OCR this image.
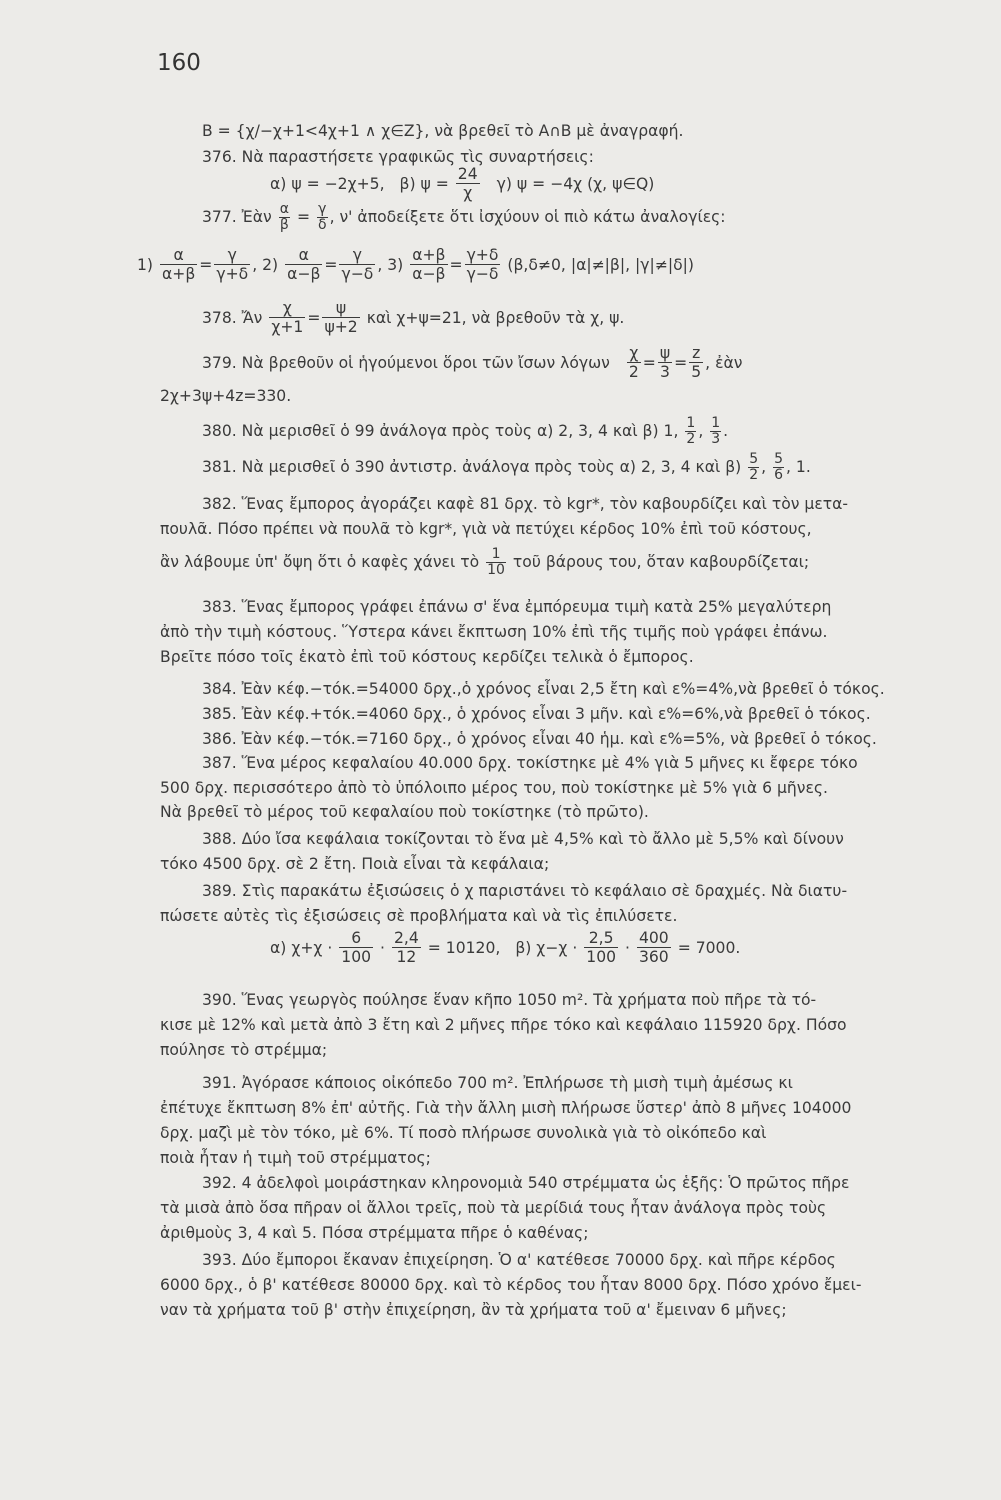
160
B = {χ/−χ+1<4χ+1 ∧ χ∈Z}, νὰ βρεθεῖ τὸ A∩B μὲ ἀναγραφή.
376. Νὰ παραστήσετε γραφικῶς τὶς συναρτήσεις:
α) ψ = −2χ+5, β) $\psi = \frac{24}{\chi} \gamma$) ψ = −4χ (χ, ψ∈Q)
377. Ἐὰν $\frac{\alpha}{\beta} = \frac{\gamma}{\delta}$ , ν' ἀποδείξετε ὅτι ἰσχύουν οἱ πιὸ κάτω ἀναλογίες:
$1) \frac{\alpha}{\alpha+\beta} = \frac{\gamma}{\gamma+\delta}$ , $2) \frac{\alpha}{\alpha-\beta} = \frac{\gamma}{\gamma-\delta}$ , $3) \frac{\alpha+\beta}{\alpha-\beta} = \frac{\gamma+\delta}{\gamma-\delta} (\beta,\delta\ne 0$, |α|≠|β|, |γ|≠|δ|)
378. Ἄν $\frac{\chi}{\chi+1} = \frac{\psi}{\psi+2}$ καὶ χ+ψ=21, νὰ βρεθοῦν τὰ χ, ψ.
379. Νὰ βρεθοῦν οἱ ἡγούμενοι ὅροι τῶν ἴσων λόγων $\frac{\chi}{2} = \frac{\psi}{3} = \frac{z}{5}$ , ἐὰν
2χ+3ψ+4z=330.
380. Νὰ μερισθεῖ ὁ 99 ἀνάλογα πρὸς τοὺς α) 2, 3, 4 καὶ β) 1, $\frac{1}{2}$ , $\frac{1}{3}$ .
381. Νὰ μερισθεῖ ὁ 390 ἀντιστρ. ἀνάλογα πρὸς τοὺς α) 2, 3, 4 καὶ $\beta) \frac{5}{2}$ , $\frac{5}{6}$ , 1.
382. Ἕνας ἔμπορος ἀγοράζει καφὲ 81 δρχ. τὸ kgr*, τὸν καβουρδίζει καὶ τὸν μετα-
πουλᾶ. Πόσο πρέπει νὰ πουλᾶ τὸ kgr*, γιὰ νὰ πετύχει κέρδος 10% ἐπὶ τοῦ κόστους,
ἂν λάβουμε ὑπ' ὄψη ὅτι ὁ καφὲς χάνει τὸ $\frac{1}{10}$ τοῦ βάρους του, ὅταν καβουρδίζεται;
383. Ἕνας ἔμπορος γράφει ἐπάνω σ' ἕνα ἐμπόρευμα τιμὴ κατὰ 25% μεγαλύτερη
ἀπὸ τὴν τιμὴ κόστους. Ὕστερα κάνει ἔκπτωση 10% ἐπὶ τῆς τιμῆς ποὺ γράφει ἐπάνω.
Βρεῖτε πόσο τοῖς ἑκατὸ ἐπὶ τοῦ κόστους κερδίζει τελικὰ ὁ ἔμπορος.
384. Ἐὰν κέφ.−τόκ.=54000 δρχ.,ὁ χρόνος εἶναι 2,5 ἔτη καὶ ε%=4%,νὰ βρεθεῖ ὁ τόκος.
385. Ἐὰν κέφ.+τόκ.=4060 δρχ., ὁ χρόνος εἶναι 3 μῆν. καὶ ε%=6%,νὰ βρεθεῖ ὁ τόκος.
386. Ἐὰν κέφ.−τόκ.=7160 δρχ., ὁ χρόνος εἶναι 40 ἡμ. καὶ ε%=5%, νὰ βρεθεῖ ὁ τόκος.
387. Ἕνα μέρος κεφαλαίου 40.000 δρχ. τοκίστηκε μὲ 4% γιὰ 5 μῆνες κι ἔφερε τόκο
500 δρχ. περισσότερο ἀπὸ τὸ ὑπόλοιπο μέρος του, ποὺ τοκίστηκε μὲ 5% γιὰ 6 μῆνες.
Νὰ βρεθεῖ τὸ μέρος τοῦ κεφαλαίου ποὺ τοκίστηκε (τὸ πρῶτο).
388. Δύο ἴσα κεφάλαια τοκίζονται τὸ ἕνα μὲ 4,5% καὶ τὸ ἄλλο μὲ 5,5% καὶ δίνουν
τόκο 4500 δρχ. σὲ 2 ἔτη. Ποιὰ εἶναι τὰ κεφάλαια;
389. Στὶς παρακάτω ἐξισώσεις ὁ χ παριστάνει τὸ κεφάλαιο σὲ δραχμές. Νὰ διατυ-
πώσετε αὐτὲς τὶς ἐξισώσεις σὲ προβλήματα καὶ νὰ τὶς ἐπιλύσετε.
α) $\chi+\chi \cdot \frac{6}{100} \cdot \frac{2,4}{12} = 10120$, β) $\chi-\chi \cdot \frac{2,5}{100} \cdot \frac{400}{360} = 7000$.
390. Ἕνας γεωργὸς πούλησε ἕναν κῆπο 1050 m². Τὰ χρήματα ποὺ πῆρε τὰ τό-
κισε μὲ 12% καὶ μετὰ ἀπὸ 3 ἔτη καὶ 2 μῆνες πῆρε τόκο καὶ κεφάλαιο 115920 δρχ. Πόσο
πούλησε τὸ στρέμμα;
391. Ἀγόρασε κάποιος οἰκόπεδο 700 m². Ἐπλήρωσε τὴ μισὴ τιμὴ ἀμέσως κι
ἐπέτυχε ἔκπτωση 8% ἐπ' αὐτῆς. Γιὰ τὴν ἄλλη μισὴ πλήρωσε ὕστερ' ἀπὸ 8 μῆνες 104000
δρχ. μαζὶ μὲ τὸν τόκο, μὲ 6%. Τί ποσὸ πλήρωσε συνολικὰ γιὰ τὸ οἰκόπεδο καὶ
ποιὰ ἦταν ἡ τιμὴ τοῦ στρέμματος;
392. 4 ἀδελφοὶ μοιράστηκαν κληρονομιὰ 540 στρέμματα ὡς ἑξῆς: Ὁ πρῶτος πῆρε
τὰ μισὰ ἀπὸ ὅσα πῆραν οἱ ἄλλοι τρεῖς, ποὺ τὰ μερίδιά τους ἦταν ἀνάλογα πρὸς τοὺς
ἀριθμοὺς 3, 4 καὶ 5. Πόσα στρέμματα πῆρε ὁ καθένας;
393. Δύο ἔμποροι ἔκαναν ἐπιχείρηση. Ὁ α' κατέθεσε 70000 δρχ. καὶ πῆρε κέρδος
6000 δρχ., ὁ β' κατέθεσε 80000 δρχ. καὶ τὸ κέρδος του ἦταν 8000 δρχ. Πόσο χρόνο ἔμει-
ναν τὰ χρήματα τοῦ β' στὴν ἐπιχείρηση, ἂν τὰ χρήματα τοῦ α' ἔμειναν 6 μῆνες;
